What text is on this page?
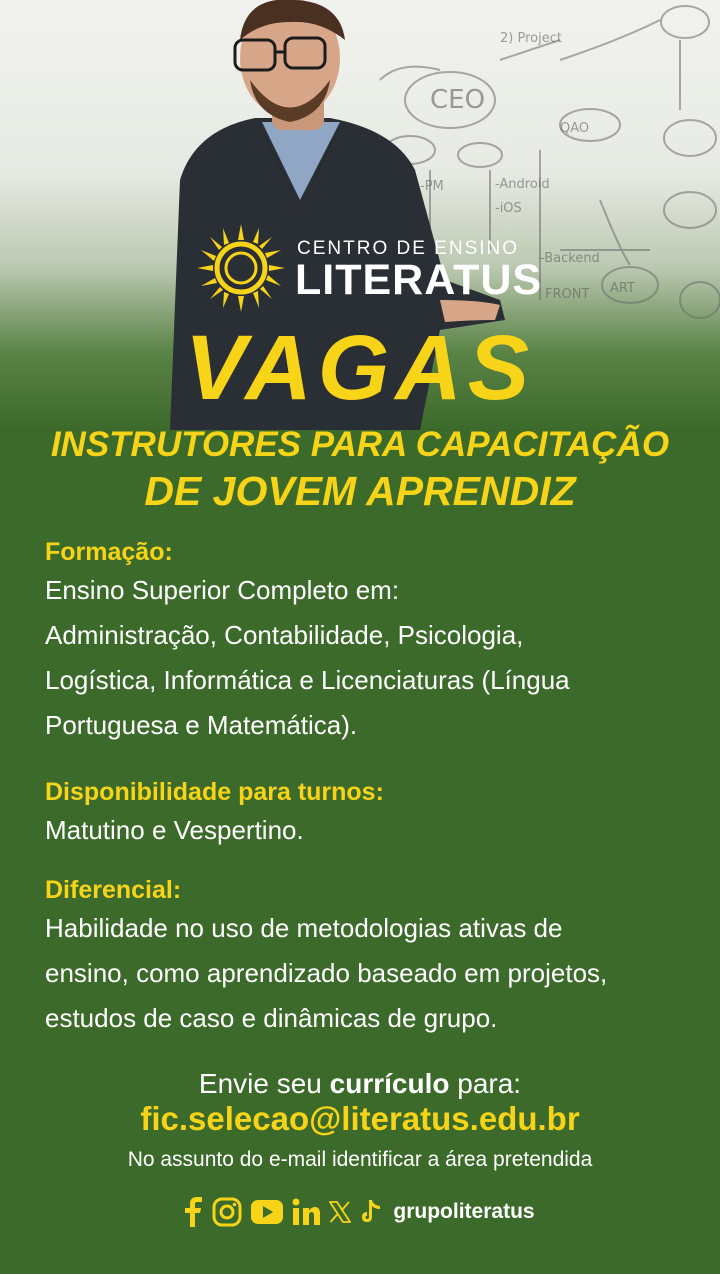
2) Project
CEO
QAO
-PM	-Android
-iOS
-Backend
FRONT ART
CENTRO DE ENSINO
LITERATUS
VAGAS
INSTRUTORES PARA CAPACITAÇÃO
DE JOVEM APRENDIZ
Formação:
Ensino Superior Completo em:
Administração, Contabilidade, Psicologia,
Logística, Informática e Licenciaturas (Língua
Portuguesa e Matemática).
Disponibilidade para turnos:
Matutino e Vespertino.
Diferencial:
Habilidade no uso de metodologias ativas de
ensino, como aprendizado baseado em projetos,
estudos de caso e dinâmicas de grupo.
Envie seu currículo para:
fic.selecao@literatus.edu.br
No assunto do e-mail identificar a área pretendida
grupoliteratus
